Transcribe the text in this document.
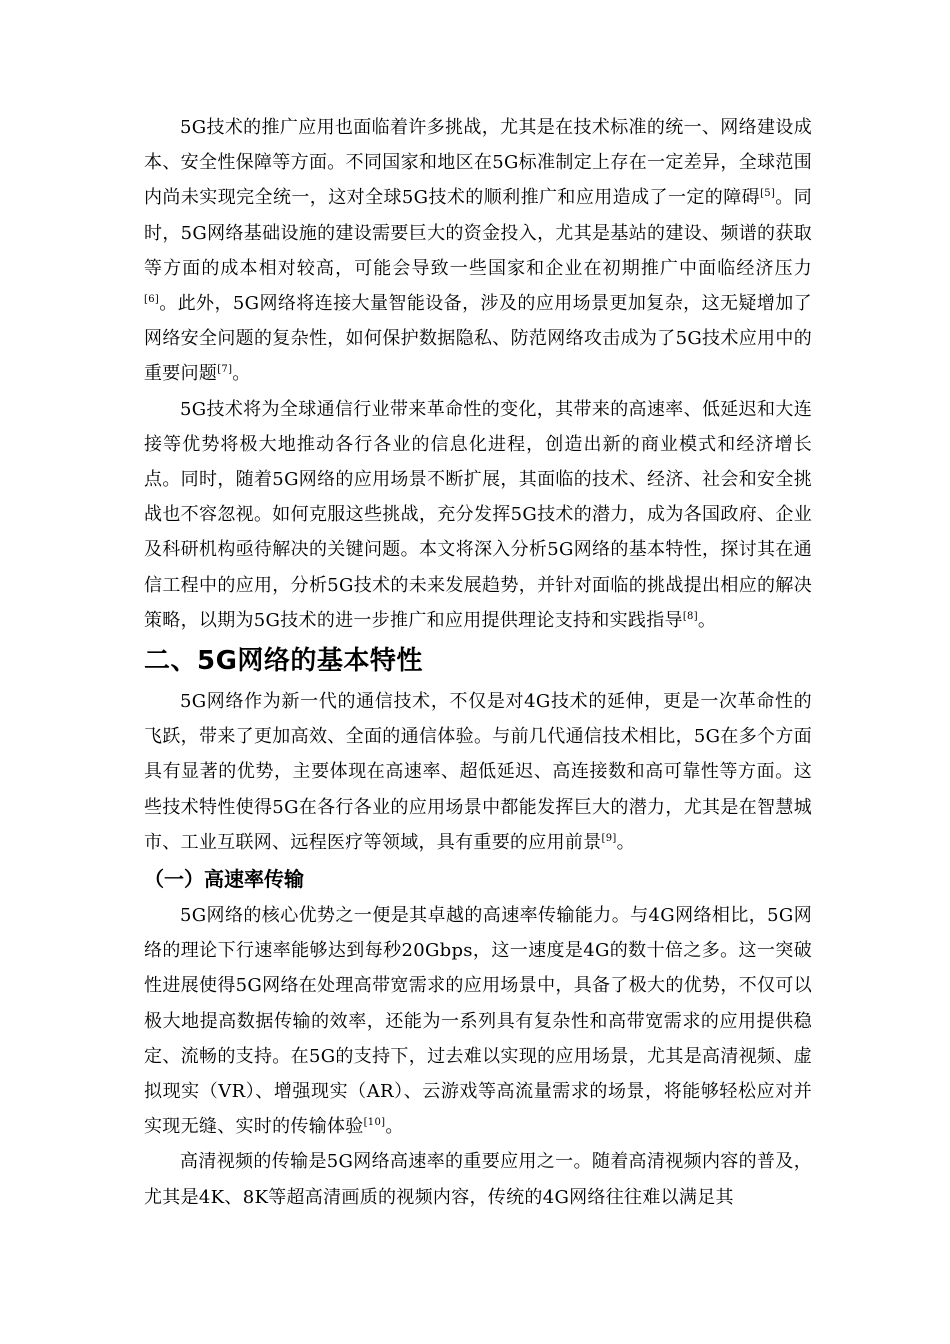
5G技术的推广应用也面临着许多挑战，尤其是在技术标准的统一、网络建设成本、安全性保障等方面。不同国家和地区在5G标准制定上存在一定差异，全球范围内尚未实现完全统一，这对全球5G技术的顺利推广和应用造成了一定的障碍[5]。同时，5G网络基础设施的建设需要巨大的资金投入，尤其是基站的建设、频谱的获取等方面的成本相对较高，可能会导致一些国家和企业在初期推广中面临经济压力[6]。此外，5G网络将连接大量智能设备，涉及的应用场景更加复杂，这无疑增加了网络安全问题的复杂性，如何保护数据隐私、防范网络攻击成为了5G技术应用中的重要问题[7]。

5G技术将为全球通信行业带来革命性的变化，其带来的高速率、低延迟和大连接等优势将极大地推动各行各业的信息化进程，创造出新的商业模式和经济增长点。同时，随着5G网络的应用场景不断扩展，其面临的技术、经济、社会和安全挑战也不容忽视。如何克服这些挑战，充分发挥5G技术的潜力，成为各国政府、企业及科研机构亟待解决的关键问题。本文将深入分析5G网络的基本特性，探讨其在通信工程中的应用，分析5G技术的未来发展趋势，并针对面临的挑战提出相应的解决策略，以期为5G技术的进一步推广和应用提供理论支持和实践指导[8]。

二、5G网络的基本特性

5G网络作为新一代的通信技术，不仅是对4G技术的延伸，更是一次革命性的飞跃，带来了更加高效、全面的通信体验。与前几代通信技术相比，5G在多个方面具有显著的优势，主要体现在高速率、超低延迟、高连接数和高可靠性等方面。这些技术特性使得5G在各行各业的应用场景中都能发挥巨大的潜力，尤其是在智慧城市、工业互联网、远程医疗等领域，具有重要的应用前景[9]。

（一）高速率传输

5G网络的核心优势之一便是其卓越的高速率传输能力。与4G网络相比，5G网络的理论下行速率能够达到每秒20Gbps，这一速度是4G的数十倍之多。这一突破性进展使得5G网络在处理高带宽需求的应用场景中，具备了极大的优势，不仅可以极大地提高数据传输的效率，还能为一系列具有复杂性和高带宽需求的应用提供稳定、流畅的支持。在5G的支持下，过去难以实现的应用场景，尤其是高清视频、虚拟现实（VR）、增强现实（AR）、云游戏等高流量需求的场景，将能够轻松应对并实现无缝、实时的传输体验[10]。

高清视频的传输是5G网络高速率的重要应用之一。随着高清视频内容的普及，尤其是4K、8K等超高清画质的视频内容，传统的4G网络往往难以满足其
